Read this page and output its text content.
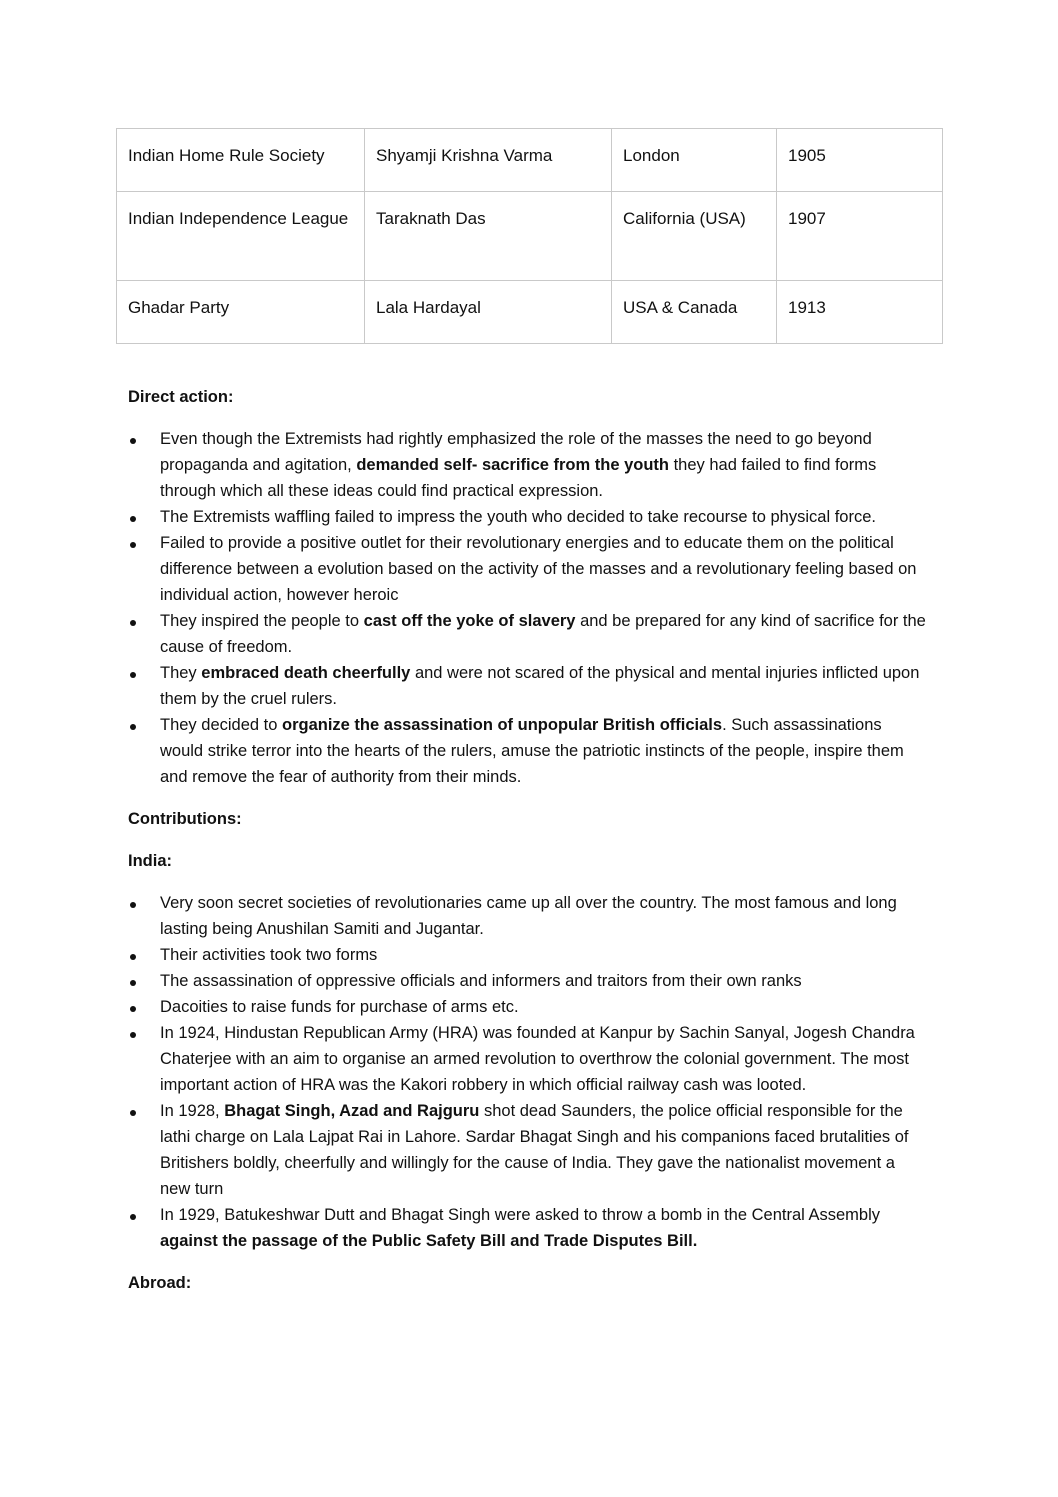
Indian Home Rule Society	Shyamji Krishna Varma	London	1905
Indian Independence League	Taraknath Das	California (USA)	1907
Ghadar Party	Lala Hardayal	USA & Canada	1913

Direct action:

Even though the Extremists had rightly emphasized the role of the masses the need to go beyond propaganda and agitation, demanded self- sacrifice from the youth they had failed to find forms through which all these ideas could find practical expression.
The Extremists waffling failed to impress the youth who decided to take recourse to physical force.
Failed to provide a positive outlet for their revolutionary energies and to educate them on the political difference between a evolution based on the activity of the masses and a revolutionary feeling based on individual action, however heroic
They inspired the people to cast off the yoke of slavery and be prepared for any kind of sacrifice for the cause of freedom.
They embraced death cheerfully and were not scared of the physical and mental injuries inflicted upon them by the cruel rulers.
They decided to organize the assassination of unpopular British officials. Such assassinations would strike terror into the hearts of the rulers, amuse the patriotic instincts of the people, inspire them and remove the fear of authority from their minds.

Contributions:

India:

Very soon secret societies of revolutionaries came up all over the country. The most famous and long lasting being Anushilan Samiti and Jugantar.
Their activities took two forms
The assassination of oppressive officials and informers and traitors from their own ranks
Dacoities to raise funds for purchase of arms etc.
In 1924, Hindustan Republican Army (HRA) was founded at Kanpur by Sachin Sanyal, Jogesh Chandra Chaterjee with an aim to organise an armed revolution to overthrow the colonial government. The most important action of HRA was the Kakori robbery in which official railway cash was looted.
In 1928, Bhagat Singh, Azad and Rajguru shot dead Saunders, the police official responsible for the lathi charge on Lala Lajpat Rai in Lahore. Sardar Bhagat Singh and his companions faced brutalities of Britishers boldly, cheerfully and willingly for the cause of India. They gave the nationalist movement a new turn
In 1929, Batukeshwar Dutt and Bhagat Singh were asked to throw a bomb in the Central Assembly against the passage of the Public Safety Bill and Trade Disputes Bill.

Abroad:
